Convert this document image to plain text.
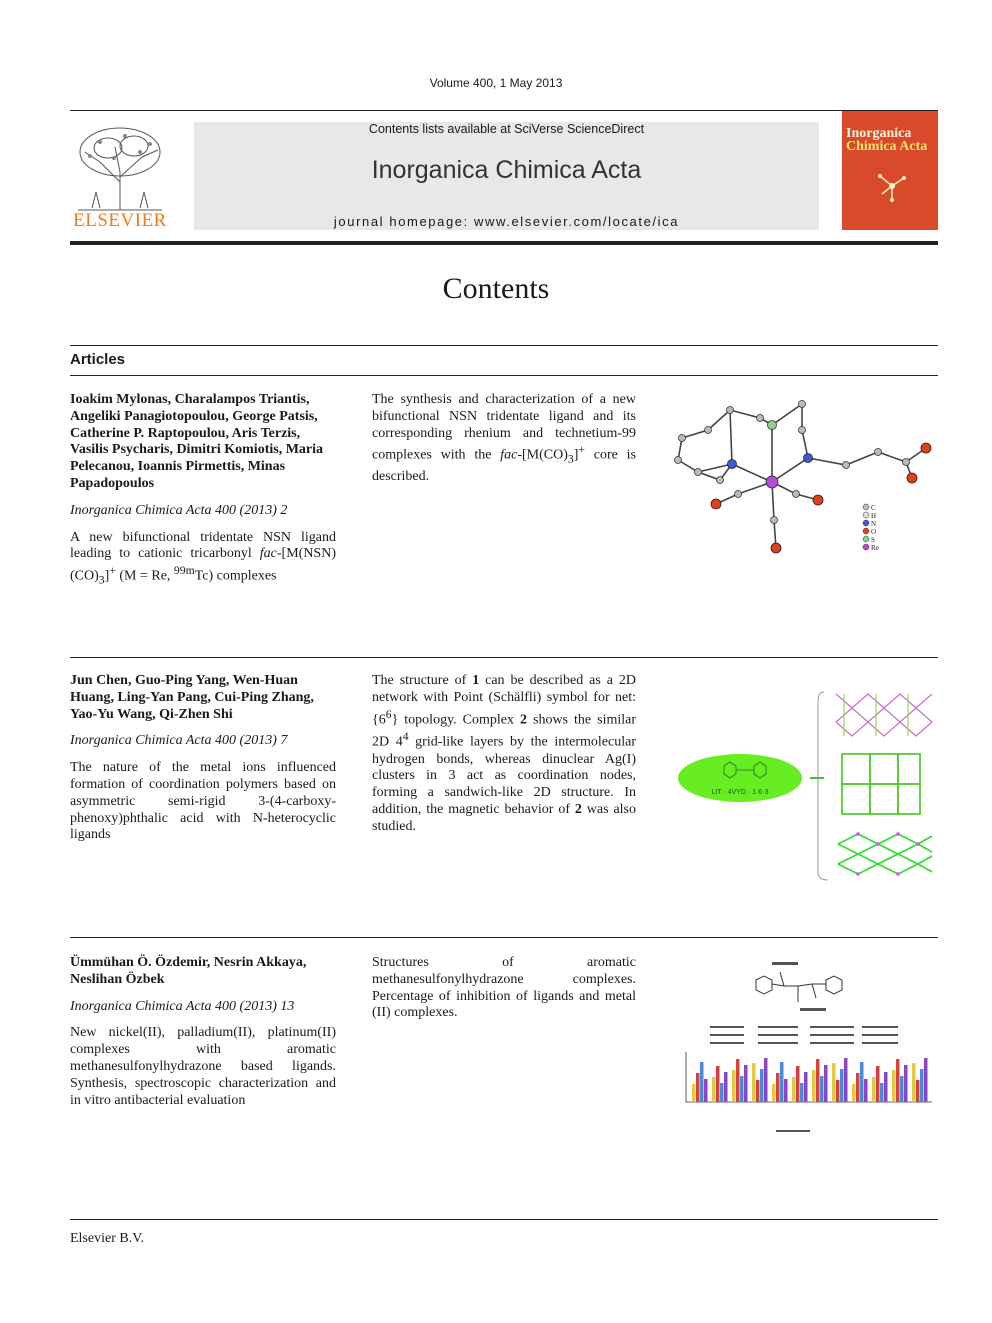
Volume 400, 1 May 2013
ELSEVIER
Contents lists available at SciVerse ScienceDirect
Inorganica Chimica Acta
journal homepage: www.elsevier.com/locate/ica
Inorganica
Chimica Acta
Contents
Articles
Ioakim Mylonas, Charalampos Triantis, Angeliki Panagiotopoulou, George Patsis, Catherine P. Raptopoulou, Aris Terzis, Vasilis Psycharis, Dimitri Komiotis, Maria Pelecanou, Ioannis Pirmettis, Minas Papadopoulos
Inorganica Chimica Acta 400 (2013) 2
A new bifunctional tridentate NSN ligand leading to cationic tricarbonyl fac-$[M(NSN)(CO)_3]^+$ (M = Re, $^{99m}$Tc) complexes
The synthesis and characterization of a new bifunctional NSN tridentate ligand and its corresponding rhenium and technetium-99 complexes with the fac-$[M(CO)_3]^+$ core is described.
C
H
N
O
S
Re
Jun Chen, Guo-Ping Yang, Wen-Huan Huang, Ling-Yan Pang, Cui-Ping Zhang, Yao-Yu Wang, Qi-Zhen Shi
Inorganica Chimica Acta 400 (2013) 7
The nature of the metal ions influenced formation of coordination polymers based on asymmetric semi-rigid 3-(4-carboxy-phenoxy)phthalic acid with N-heterocyclic ligands
The structure of 1 can be described as a 2D network with Point (Schälfli) symbol for net: $\{6^6\}$ topology. Complex 2 shows the similar 2D $4^4$ grid-like layers by the intermolecular hydrogen bonds, whereas dinuclear Ag(I) clusters in 3 act as coordination nodes, forming a sandwich-like 2D structure. In addition, the magnetic behavior of 2 was also studied.
LIT · 4VYD · 1·6·3
Ümmühan Ö. Özdemir, Nesrin Akkaya, Neslihan Özbek
Inorganica Chimica Acta 400 (2013) 13
New nickel(II), palladium(II), platinum(II) complexes with aromatic methanesulfonylhydrazone based ligands. Synthesis, spectroscopic characterization and in vitro antibacterial evaluation
Structures of aromatic methanesulfonylhydrazone complexes. Percentage of inhibition of ligands and metal (II) complexes.
Elsevier B.V.
